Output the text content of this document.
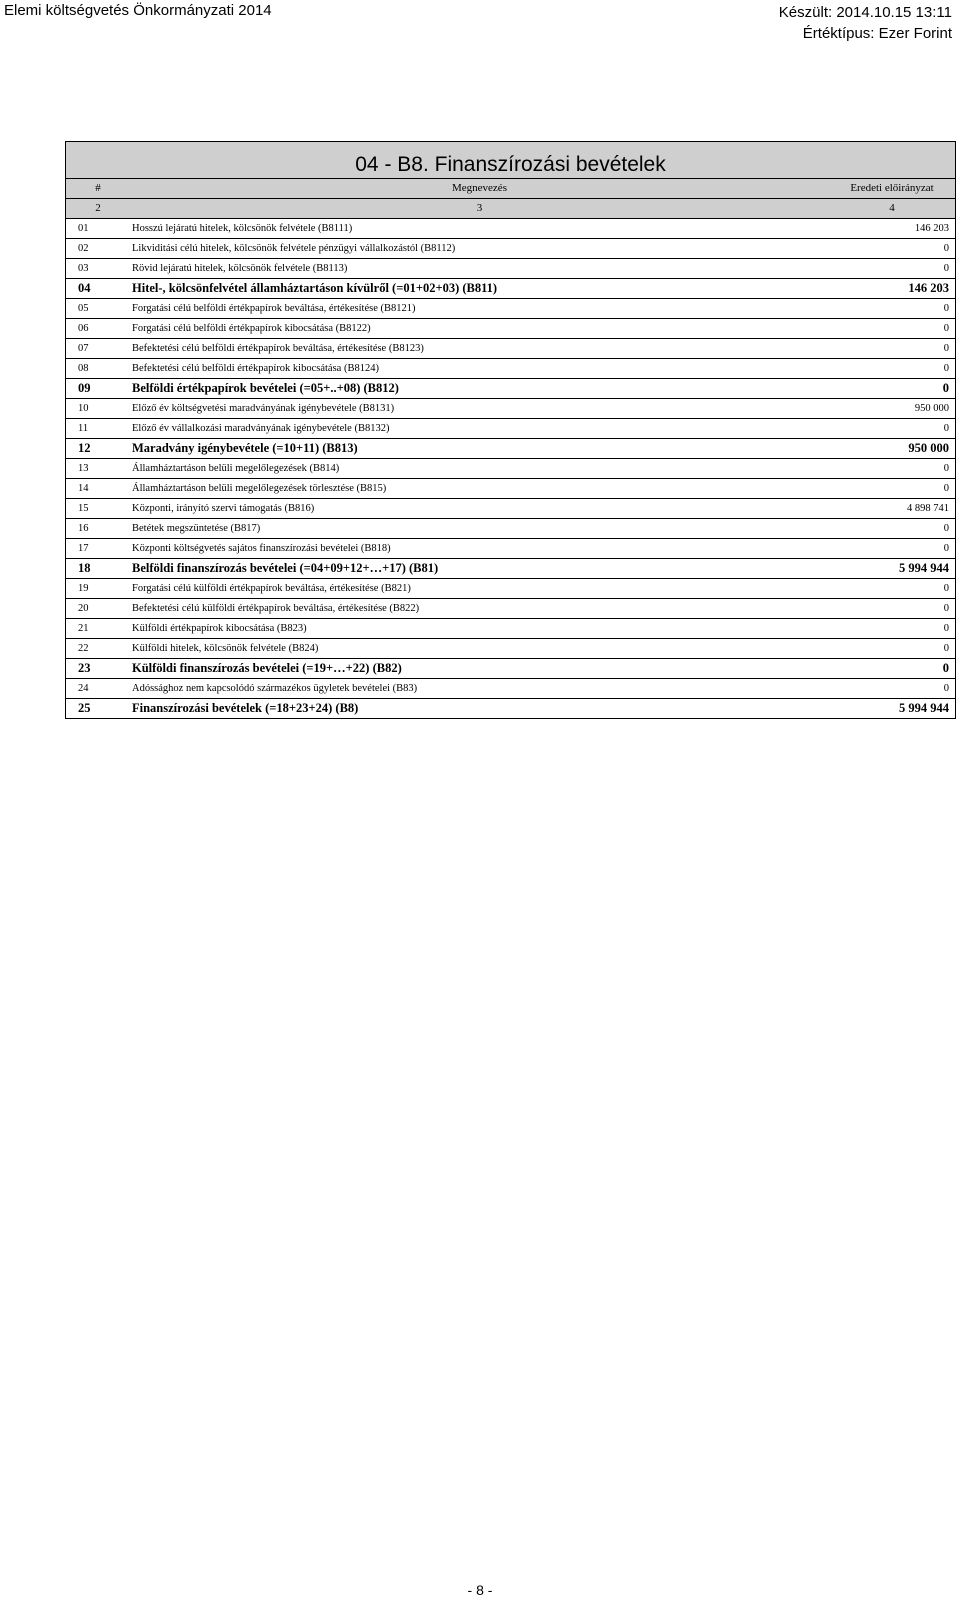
Elemi költségvetés Önkormányzati 2014	Készült: 2014.10.15 13:11
Értéktípus: Ezer Forint
04 - B8. Finanszírozási bevételek
#	Megnevezés	Eredeti előirányzat
2	3	4
01	Hosszú lejáratú hitelek, kölcsönök felvétele (B8111)	146 203
02	Likviditási célú hitelek, kölcsönök felvétele pénzügyi vállalkozástól (B8112)	0
03	Rövid lejáratú hitelek, kölcsönök felvétele (B8113)	0
04	Hitel-, kölcsönfelvétel államháztartáson kívülről (=01+02+03) (B811)	146 203
05	Forgatási célú belföldi értékpapírok beváltása, értékesítése (B8121)	0
06	Forgatási célú belföldi értékpapírok kibocsátása (B8122)	0
07	Befektetési célú belföldi értékpapírok beváltása, értékesítése (B8123)	0
08	Befektetési célú belföldi értékpapírok kibocsátása (B8124)	0
09	Belföldi értékpapírok bevételei (=05+..+08) (B812)	0
10	Előző év költségvetési maradványának igénybevétele (B8131)	950 000
11	Előző év vállalkozási maradványának igénybevétele (B8132)	0
12	Maradvány igénybevétele (=10+11) (B813)	950 000
13	Államháztartáson belüli megelőlegezések (B814)	0
14	Államháztartáson belüli megelőlegezések törlesztése (B815)	0
15	Központi, irányító szervi támogatás (B816)	4 898 741
16	Betétek megszüntetése (B817)	0
17	Központi költségvetés sajátos finanszírozási bevételei (B818)	0
18	Belföldi finanszírozás bevételei (=04+09+12+…+17) (B81)	5 994 944
19	Forgatási célú külföldi értékpapírok beváltása, értékesítése (B821)	0
20	Befektetési célú külföldi értékpapírok beváltása, értékesítése (B822)	0
21	Külföldi értékpapírok kibocsátása (B823)	0
22	Külföldi hitelek, kölcsönök felvétele (B824)	0
23	Külföldi finanszírozás bevételei (=19+…+22) (B82)	0
24	Adóssághoz nem kapcsolódó származékos ügyletek bevételei (B83)	0
25	Finanszírozási bevételek (=18+23+24) (B8)	5 994 944
- 8 -
